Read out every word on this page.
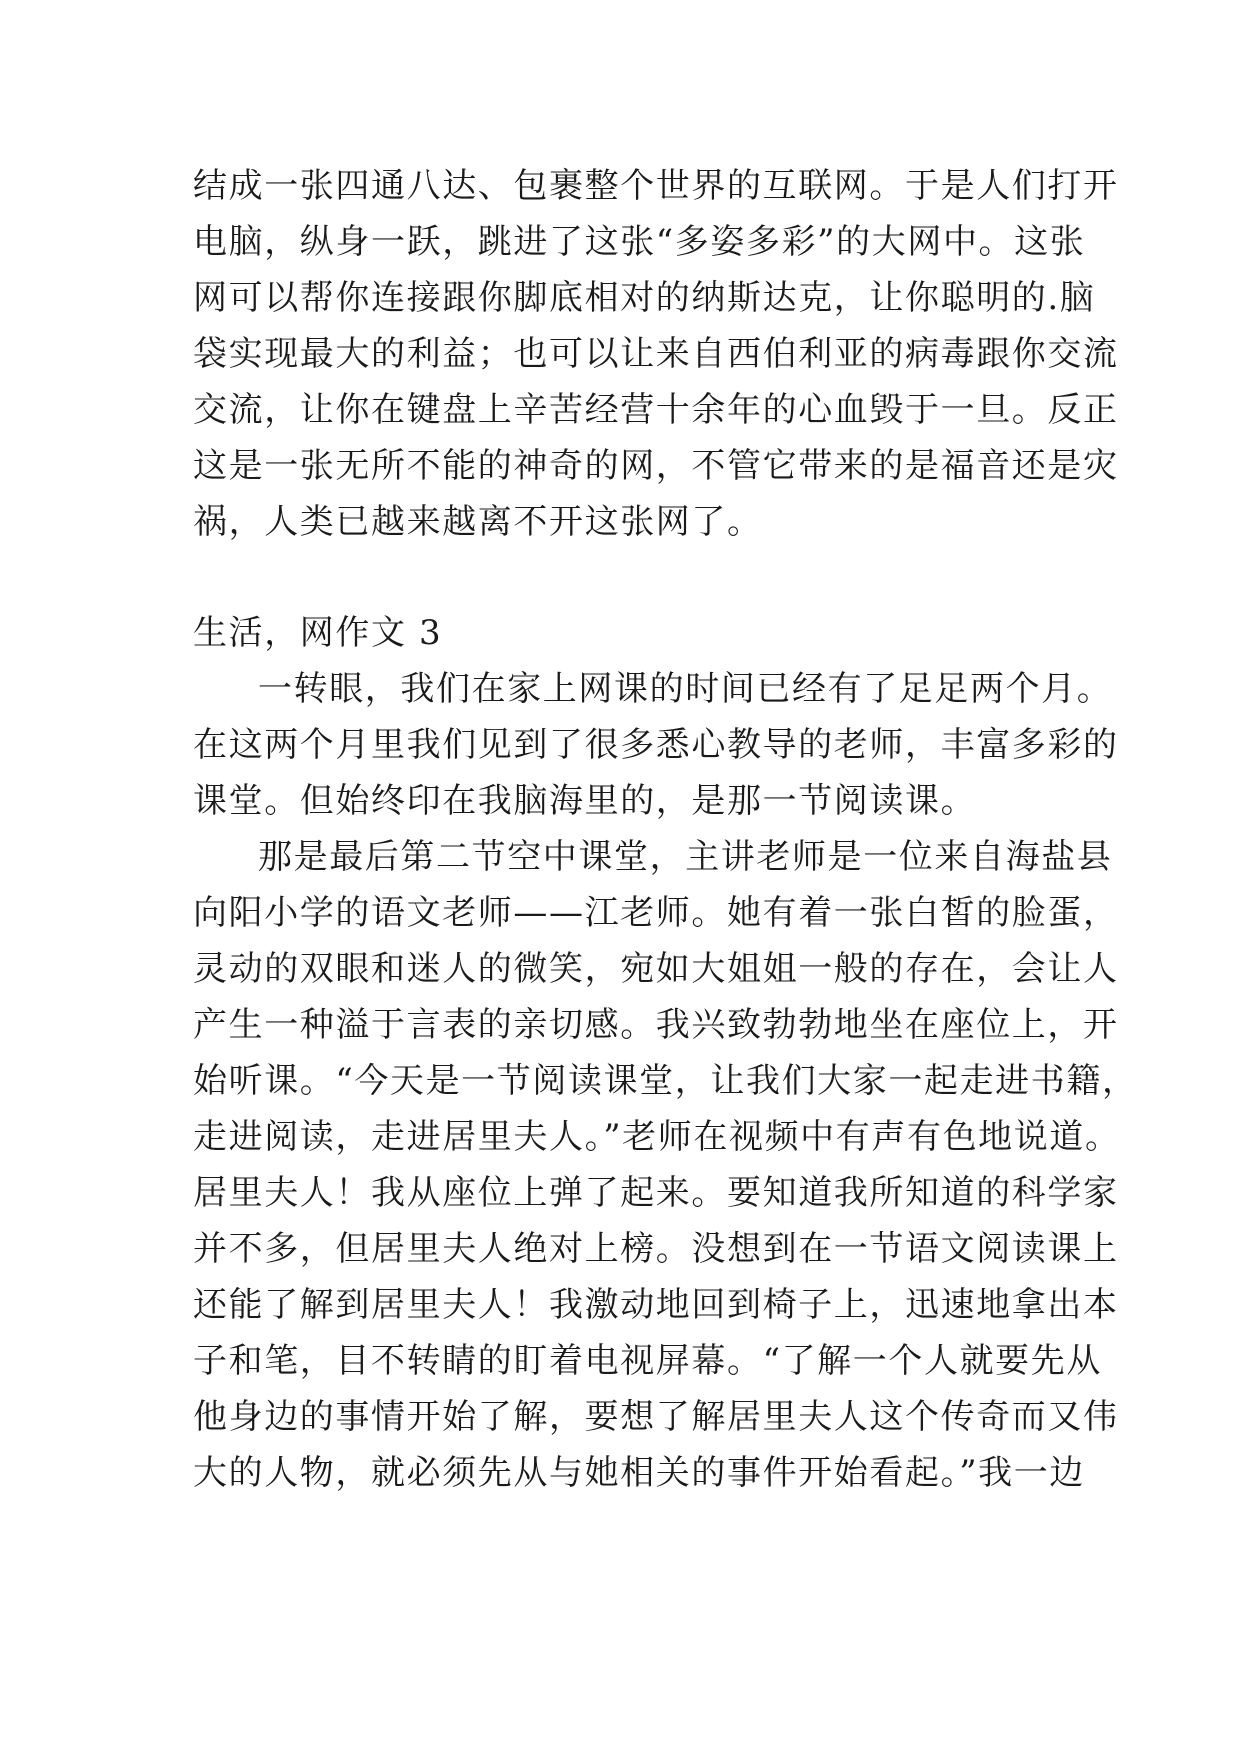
结成一张四通八达、包裹整个世界的互联网。于是人们打开
电脑，纵身一跃，跳进了这张“多姿多彩”的大网中。这张
网可以帮你连接跟你脚底相对的纳斯达克，让你聪明的.脑
袋实现最大的利益；也可以让来自西伯利亚的病毒跟你交流
交流，让你在键盘上辛苦经营十余年的心血毁于一旦。反正
这是一张无所不能的神奇的网，不管它带来的是福音还是灾
祸，人类已越来越离不开这张网了。
生活，网作文 3
一转眼，我们在家上网课的时间已经有了足足两个月。
在这两个月里我们见到了很多悉心教导的老师，丰富多彩的
课堂。但始终印在我脑海里的，是那一节阅读课。
那是最后第二节空中课堂，主讲老师是一位来自海盐县
向阳小学的语文老师——江老师。她有着一张白皙的脸蛋，
灵动的双眼和迷人的微笑，宛如大姐姐一般的存在，会让人
产生一种溢于言表的亲切感。我兴致勃勃地坐在座位上，开
始听课。“今天是一节阅读课堂，让我们大家一起走进书籍，
走进阅读，走进居里夫人。”老师在视频中有声有色地说道。
居里夫人！我从座位上弹了起来。要知道我所知道的科学家
并不多，但居里夫人绝对上榜。没想到在一节语文阅读课上
还能了解到居里夫人！我激动地回到椅子上，迅速地拿出本
子和笔，目不转睛的盯着电视屏幕。“了解一个人就要先从
他身边的事情开始了解，要想了解居里夫人这个传奇而又伟
大的人物，就必须先从与她相关的事件开始看起。”我一边
